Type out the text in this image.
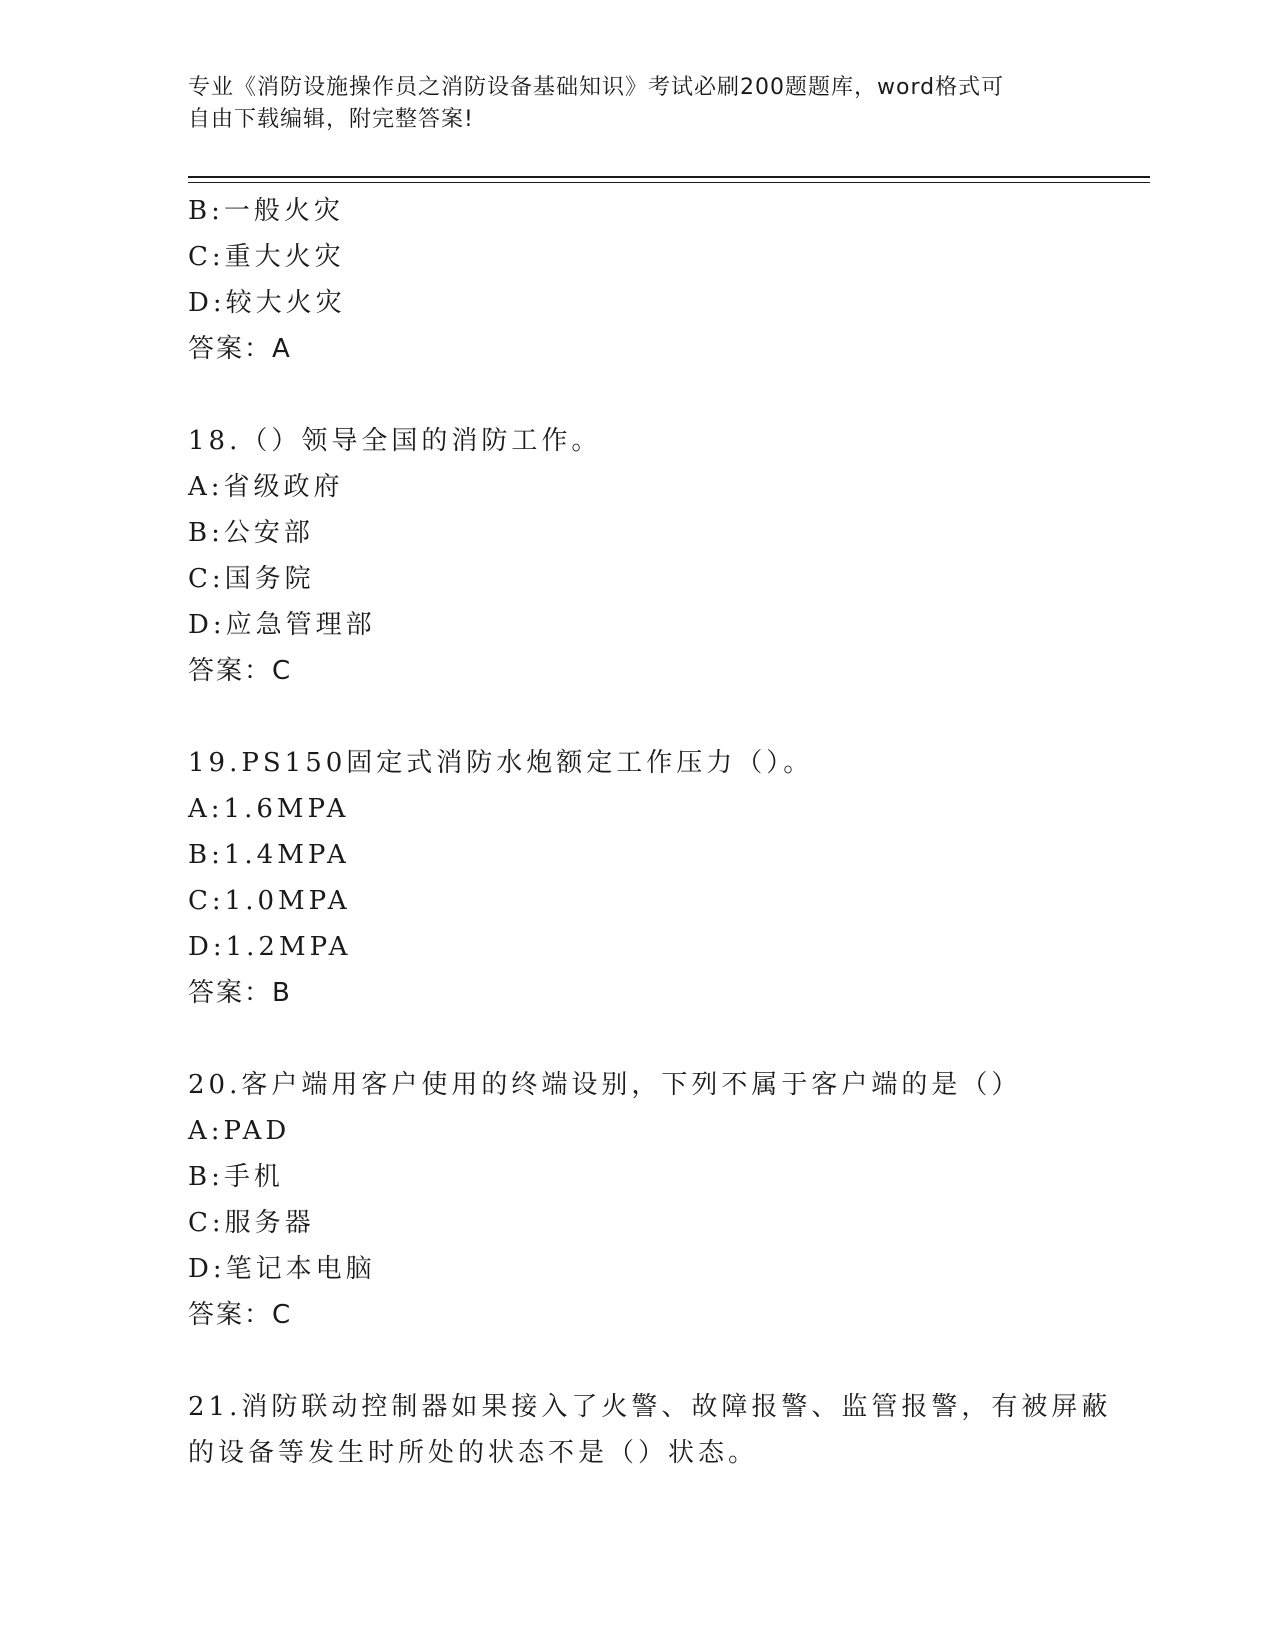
专业《消防设施操作员之消防设备基础知识》考试必刷200题题库，word格式可
自由下载编辑，附完整答案!
B:一般火灾
C:重大火灾
D:较大火灾
答案：A
18.（）领导全国的消防工作。
A:省级政府
B:公安部
C:国务院
D:应急管理部
答案：C
19.PS150固定式消防水炮额定工作压力（）。
A:1.6MPA
B:1.4MPA
C:1.0MPA
D:1.2MPA
答案：B
20.客户端用客户使用的终端设别，下列不属于客户端的是（）
A:PAD
B:手机
C:服务器
D:笔记本电脑
答案：C
21.消防联动控制器如果接入了火警、故障报警、监管报警，有被屏蔽
的设备等发生时所处的状态不是（）状态。
